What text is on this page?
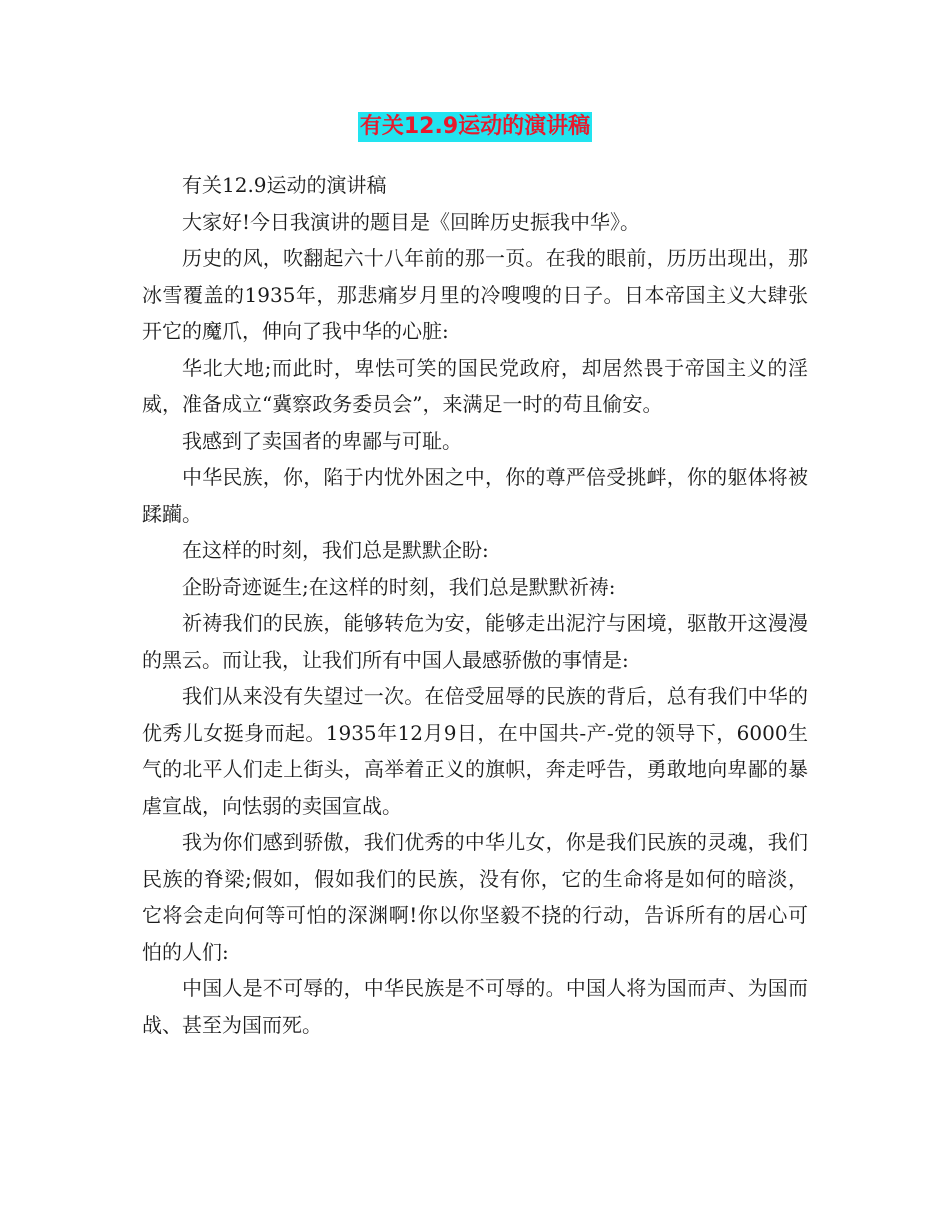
有关12.9运动的演讲稿

有关12.9运动的演讲稿

大家好!今日我演讲的题目是《回眸历史振我中华》。

历史的风，吹翻起六十八年前的那一页。在我的眼前，历历出现出，那冰雪覆盖的1935年，那悲痛岁月里的冷嗖嗖的日子。日本帝国主义大肆张开它的魔爪，伸向了我中华的心脏:

华北大地;而此时，卑怯可笑的国民党政府，却居然畏于帝国主义的淫威，准备成立“冀察政务委员会”，来满足一时的苟且偷安。

我感到了卖国者的卑鄙与可耻。

中华民族，你，陷于内忧外困之中，你的尊严倍受挑衅，你的躯体将被蹂躏。

在这样的时刻，我们总是默默企盼:

企盼奇迹诞生;在这样的时刻，我们总是默默祈祷:

祈祷我们的民族，能够转危为安，能够走出泥泞与困境，驱散开这漫漫的黑云。而让我，让我们所有中国人最感骄傲的事情是:

我们从来没有失望过一次。在倍受屈辱的民族的背后，总有我们中华的优秀儿女挺身而起。1935年12月9日，在中国共-产-党的领导下，6000生气的北平人们走上街头，高举着正义的旗帜，奔走呼告，勇敢地向卑鄙的暴虐宣战，向怯弱的卖国宣战。

我为你们感到骄傲，我们优秀的中华儿女，你是我们民族的灵魂，我们民族的脊梁;假如，假如我们的民族，没有你，它的生命将是如何的暗淡，它将会走向何等可怕的深渊啊!你以你坚毅不挠的行动，告诉所有的居心可怕的人们:

中国人是不可辱的，中华民族是不可辱的。中国人将为国而声、为国而战、甚至为国而死。
